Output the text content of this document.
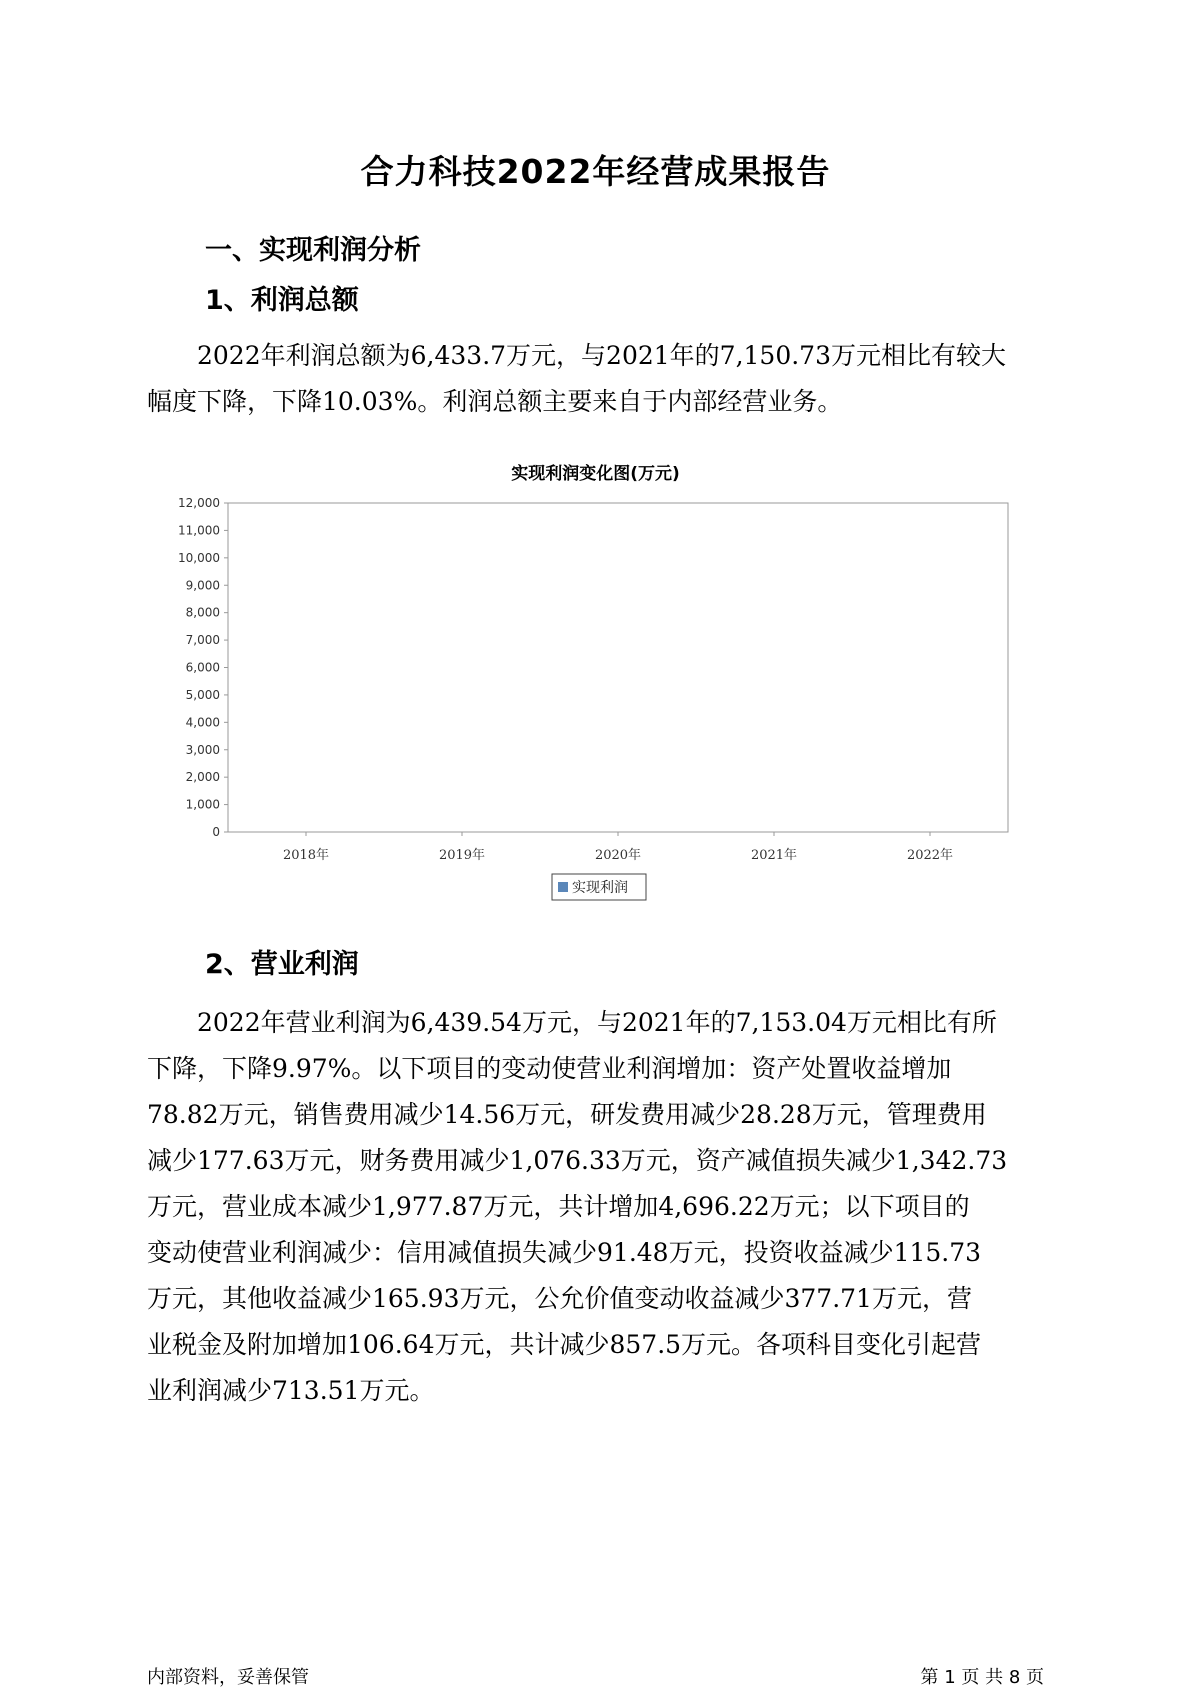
合力科技2022年经营成果报告
一、实现利润分析
1、利润总额
2022年利润总额为6,433.7万元，与2021年的7,150.73万元相比有较大
幅度下降，下降10.03%。利润总额主要来自于内部经营业务。
实现利润变化图(万元)
0
1,000
2,000
3,000
4,000
5,000
6,000
7,000
8,000
9,000
10,000
11,000
12,000
2018年	2019年	2020年	2021年	2022年
实现利润
2、营业利润
2022年营业利润为6,439.54万元，与2021年的7,153.04万元相比有所
下降，下降9.97%。以下项目的变动使营业利润增加：资产处置收益增加
78.82万元，销售费用减少14.56万元，研发费用减少28.28万元，管理费用
减少177.63万元，财务费用减少1,076.33万元，资产减值损失减少1,342.73
万元，营业成本减少1,977.87万元，共计增加4,696.22万元；以下项目的
变动使营业利润减少：信用减值损失减少91.48万元，投资收益减少115.73
万元，其他收益减少165.93万元，公允价值变动收益减少377.71万元，营
业税金及附加增加106.64万元，共计减少857.5万元。各项科目变化引起营
业利润减少713.51万元。
内部资料，妥善保管	第 1 页 共 8 页
